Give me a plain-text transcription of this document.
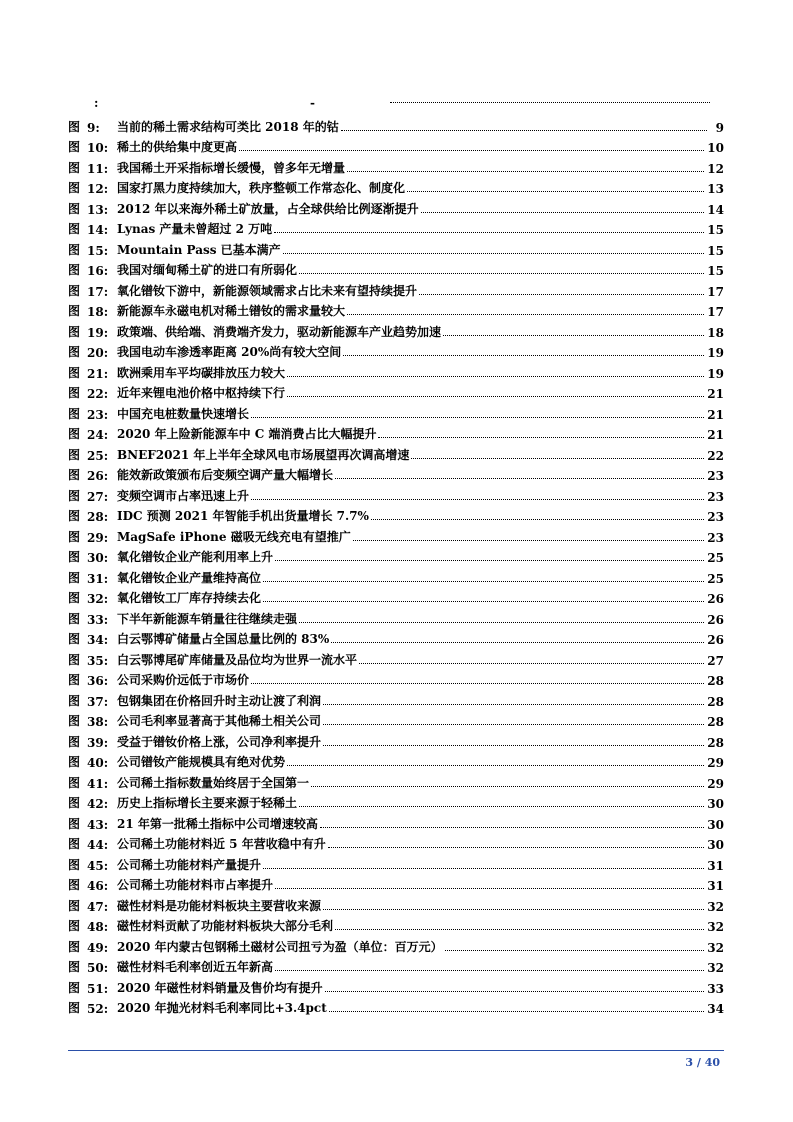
:	-
图 9:	当前的稀土需求结构可类比 2018 年的钴	9
图 10: 稀土的供给集中度更高	10
图 11: 我国稀土开采指标增长缓慢，曾多年无增量	12
图 12: 国家打黑力度持续加大，秩序整顿工作常态化、制度化	13
图 13: 2012 年以来海外稀土矿放量，占全球供给比例逐渐提升	14
图 14: Lynas 产量未曾超过 2 万吨	15
图 15: Mountain Pass 已基本满产	15
图 16: 我国对缅甸稀土矿的进口有所弱化	15
图 17: 氧化镨钕下游中，新能源领域需求占比未来有望持续提升	17
图 18: 新能源车永磁电机对稀土镨钕的需求量较大	17
图 19: 政策端、供给端、消费端齐发力，驱动新能源车产业趋势加速	18
图 20: 我国电动车渗透率距离 20%尚有较大空间	19
图 21: 欧洲乘用车平均碳排放压力较大	19
图 22: 近年来锂电池价格中枢持续下行	21
图 23: 中国充电桩数量快速增长	21
图 24: 2020 年上险新能源车中 C 端消费占比大幅提升	21
图 25: BNEF2021 年上半年全球风电市场展望再次调高增速	22
图 26: 能效新政策颁布后变频空调产量大幅增长	23
图 27: 变频空调市占率迅速上升	23
图 28: IDC 预测 2021 年智能手机出货量增长 7.7%	23
图 29: MagSafe iPhone 磁吸无线充电有望推广	23
图 30: 氧化镨钕企业产能利用率上升	25
图 31: 氧化镨钕企业产量维持高位	25
图 32: 氧化镨钕工厂库存持续去化	26
图 33: 下半年新能源车销量往往继续走强	26
图 34: 白云鄂博矿储量占全国总量比例的 83%	26
图 35: 白云鄂博尾矿库储量及品位均为世界一流水平	27
图 36: 公司采购价远低于市场价	28
图 37: 包钢集团在价格回升时主动让渡了利润	28
图 38: 公司毛利率显著高于其他稀土相关公司	28
图 39: 受益于镨钕价格上涨，公司净利率提升	28
图 40: 公司镨钕产能规模具有绝对优势	29
图 41: 公司稀土指标数量始终居于全国第一	29
图 42: 历史上指标增长主要来源于轻稀土	30
图 43: 21 年第一批稀土指标中公司增速较高	30
图 44: 公司稀土功能材料近 5 年营收稳中有升	30
图 45: 公司稀土功能材料产量提升	31
图 46: 公司稀土功能材料市占率提升	31
图 47: 磁性材料是功能材料板块主要营收来源	32
图 48: 磁性材料贡献了功能材料板块大部分毛利	32
图 49: 2020 年内蒙古包钢稀土磁材公司扭亏为盈（单位：百万元）	32
图 50: 磁性材料毛利率创近五年新高	32
图 51: 2020 年磁性材料销量及售价均有提升	33
图 52: 2020 年抛光材料毛利率同比+3.4pct	34
3 / 40
